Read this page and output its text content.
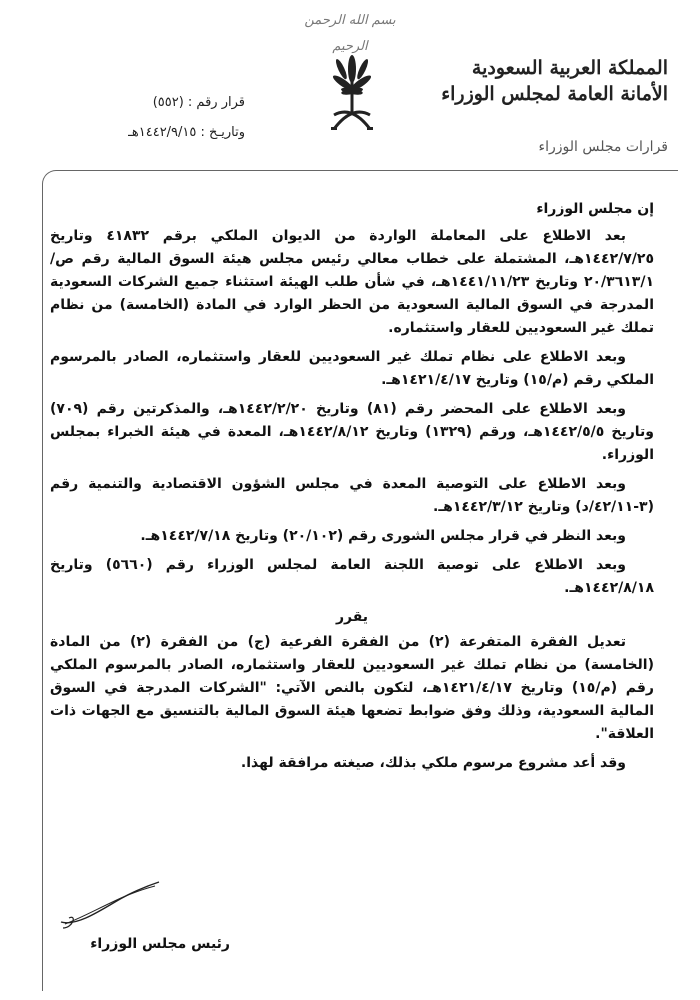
بسم الله الرحمن الرحيم
المملكة العربية السعودية
الأمانة العامة لمجلس الوزراء
قرارات مجلس الوزراء
قرار رقم : (٥٥٢)
وتاريـخ : ١٤٤٢/٩/١٥هـ

إن مجلس الوزراء

بعد الاطلاع على المعاملة الواردة من الديوان الملكي برقم ٤١٨٣٢ وتاريخ ١٤٤٢/٧/٢٥هـ، المشتملة على خطاب معالي رئيس مجلس هيئة السوق المالية رقم ص/٢٠/٣٦١٣/١ وتاريخ ١٤٤١/١١/٢٣هـ، في شأن طلب الهيئة استثناء جميع الشركات السعودية المدرجة في السوق المالية السعودية من الحظر الوارد في المادة (الخامسة) من نظام تملك غير السعوديين للعقار واستثماره.

وبعد الاطلاع على نظام تملك غير السعوديين للعقار واستثماره، الصادر بالمرسوم الملكي رقم (م/١٥) وتاريخ ١٤٢١/٤/١٧هـ.

وبعد الاطلاع على المحضر رقم (٨١) وتاريخ ١٤٤٢/٢/٢٠هـ، والمذكرتين رقم (٧٠٩) وتاريخ ١٤٤٢/٥/٥هـ، ورقم (١٣٢٩) وتاريخ ١٤٤٢/٨/١٢هـ، المعدة في هيئة الخبراء بمجلس الوزراء.

وبعد الاطلاع على التوصية المعدة في مجلس الشؤون الاقتصادية والتنمية رقم (٣-٤٢/١١/د) وتاريخ ١٤٤٢/٣/١٢هـ.

وبعد النظر في قرار مجلس الشورى رقم (٢٠/١٠٢) وتاريخ ١٤٤٢/٧/١٨هـ.

وبعد الاطلاع على توصية اللجنة العامة لمجلس الوزراء رقم (٥٦٦٠) وتاريخ ١٤٤٢/٨/١٨هـ.

يقرر

تعديل الفقرة المتفرعة (٢) من الفقرة الفرعية (ج) من الفقرة (٢) من المادة (الخامسة) من نظام تملك غير السعوديين للعقار واستثماره، الصادر بالمرسوم الملكي رقم (م/١٥) وتاريخ ١٤٢١/٤/١٧هـ، لتكون بالنص الآتي: "الشركات المدرجة في السوق المالية السعودية، وذلك وفق ضوابط تضعها هيئة السوق المالية بالتنسيق مع الجهات ذات العلاقة".

وقد أعد مشروع مرسوم ملكي بذلك، صيغته مرافقة لهذا.

رئيس مجلس الوزراء
